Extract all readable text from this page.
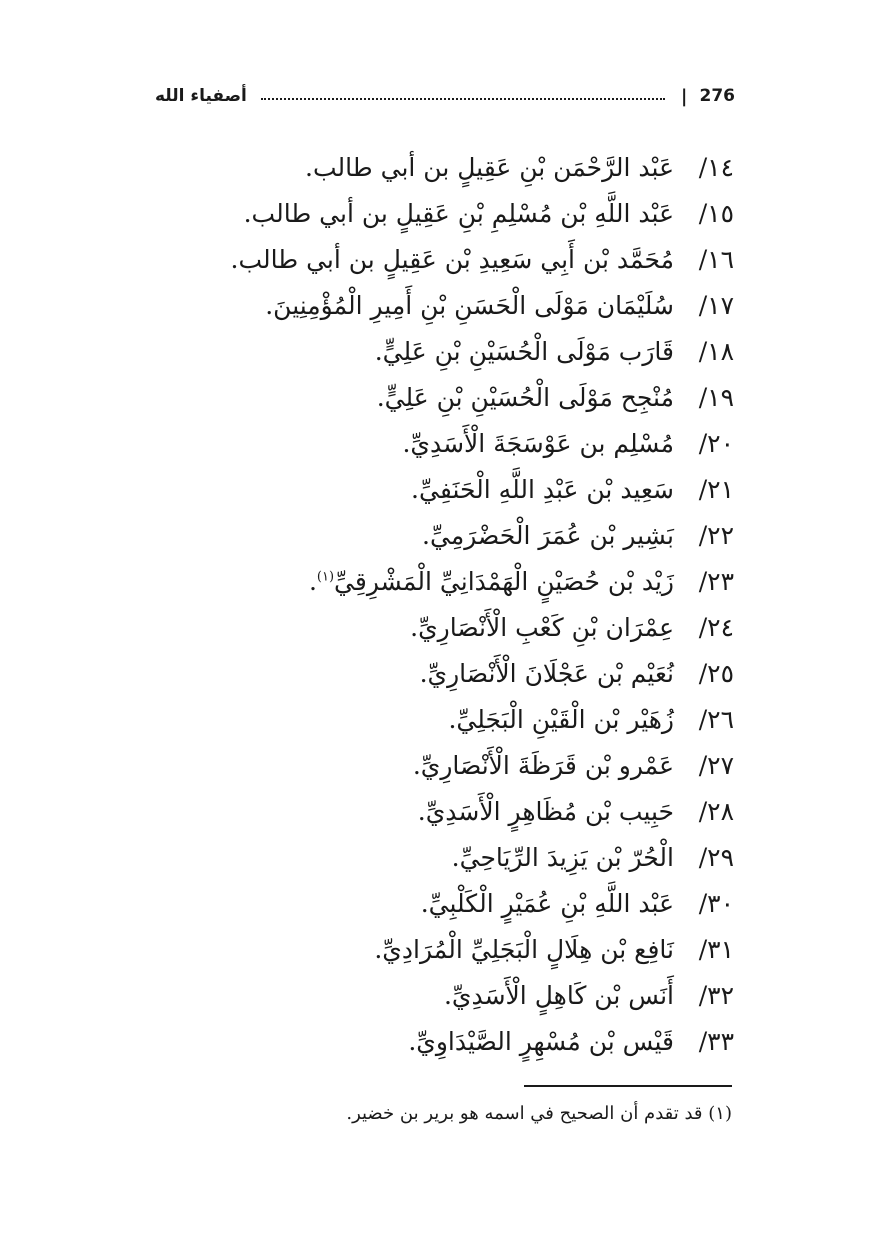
276
|
أصفياء الله
١٤/عَبْد الرَّحْمَن بْنِ عَقِيلٍ بن أبي طالب.
١٥/عَبْد اللَّهِ بْن مُسْلِمِ بْنِ عَقِيلٍ بن أبي طالب.
١٦/مُحَمَّد بْن أَبِي سَعِيدِ بْن عَقِيلٍ بن أبي طالب.
١٧/سُلَيْمَان مَوْلَى الْحَسَنِ بْنِ أَمِيرِ الْمُؤْمِنِينَ.
١٨/قَارَب مَوْلَى الْحُسَيْنِ بْنِ عَلِيٍّ.
١٩/مُنْجِح مَوْلَى الْحُسَيْنِ بْنِ عَلِيٍّ.
٢٠/مُسْلِم بن عَوْسَجَةَ الْأَسَدِيِّ.
٢١/سَعِيد بْن عَبْدِ اللَّهِ الْحَنَفِيِّ.
٢٢/بَشِير بْن عُمَرَ الْحَضْرَمِيِّ.
٢٣/زَيْد بْن حُصَيْنٍ الْهَمْدَانِيِّ الْمَشْرِقِيِّ$^{(١)}$.
٢٤/عِمْرَان بْنِ كَعْبِ الْأَنْصَارِيِّ.
٢٥/نُعَيْم بْن عَجْلَانَ الْأَنْصَارِيِّ.
٢٦/زُهَيْر بْن الْقَيْنِ الْبَجَلِيِّ.
٢٧/عَمْرو بْن قَرَظَةَ الْأَنْصَارِيِّ.
٢٨/حَبِيب بْن مُظَاهِرٍ الْأَسَدِيِّ.
٢٩/الْحُرّ بْن يَزِيدَ الرِّيَاحِيِّ.
٣٠/عَبْد اللَّهِ بْنِ عُمَيْرٍ الْكَلْبِيِّ.
٣١/نَافِع بْن هِلَالٍ الْبَجَلِيِّ الْمُرَادِيِّ.
٣٢/أَنَس بْن كَاهِلٍ الْأَسَدِيِّ.
٣٣/قَيْس بْن مُسْهِرٍ الصَّيْدَاوِيِّ.
(١) قد تقدم أن الصحيح في اسمه هو برير بن خضير.
